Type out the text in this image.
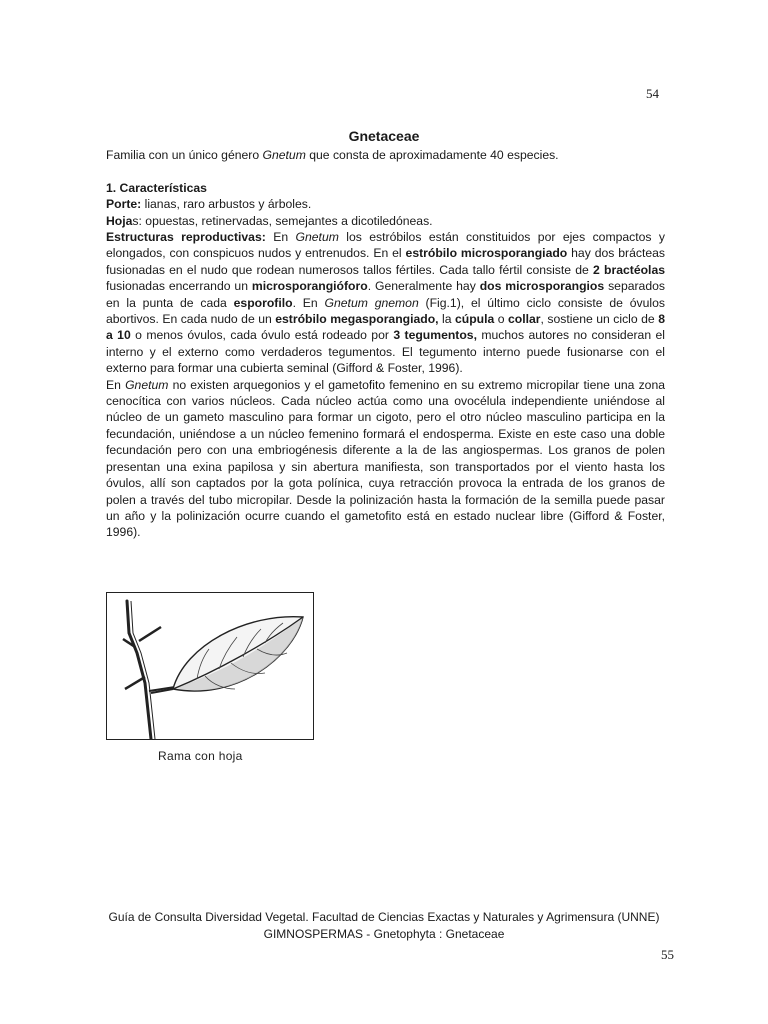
54
Gnetaceae

Familia con un único género Gnetum que consta de aproximadamente 40 especies.

1. Características

Porte: lianas, raro arbustos y árboles.

Hojas: opuestas, retinervadas, semejantes a dicotiledóneas.

Estructuras reproductivas: En Gnetum los estróbilos están constituidos por ejes compactos y elongados, con conspicuos nudos y entrenudos. En el estróbilo microsporangiado hay dos brácteas fusionadas en el nudo que rodean numerosos tallos fértiles. Cada tallo fértil consiste de 2 bractéolas fusionadas encerrando un microsporangióforo. Generalmente hay dos microsporangios separados en la punta de cada esporofilo. En Gnetum gnemon (Fig.1), el último ciclo consiste de óvulos abortivos. En cada nudo de un estróbilo megasporangiado, la cúpula o collar, sostiene un ciclo de 8 a 10 o menos óvulos, cada óvulo está rodeado por 3 tegumentos, muchos autores no consideran el interno y el externo como verdaderos tegumentos. El tegumento interno puede fusionarse con el externo para formar una cubierta seminal (Gifford & Foster, 1996).

En Gnetum no existen arquegonios y el gametofito femenino en su extremo micropilar tiene una zona cenocítica con varios núcleos. Cada núcleo actúa como una ovocélula independiente uniéndose al núcleo de un gameto masculino para formar un cigoto, pero el otro núcleo masculino participa en la fecundación, uniéndose a un núcleo femenino formará el endosperma. Existe en este caso una doble fecundación pero con una embriogénesis diferente a la de las angiospermas. Los granos de polen presentan una exina papilosa y sin abertura manifiesta, son transportados por el viento hasta los óvulos, allí son captados por la gota polínica, cuya retracción provoca la entrada de los granos de polen a través del tubo micropilar. Desde la polinización hasta la formación de la semilla puede pasar un año y la polinización ocurre cuando el gametofito está en estado nuclear libre (Gifford & Foster, 1996).

Rama con hoja
Guía de Consulta Diversidad Vegetal. Facultad de Ciencias Exactas y Naturales y Agrimensura (UNNE)
GIMNOSPERMAS - Gnetophyta : Gnetaceae
55
